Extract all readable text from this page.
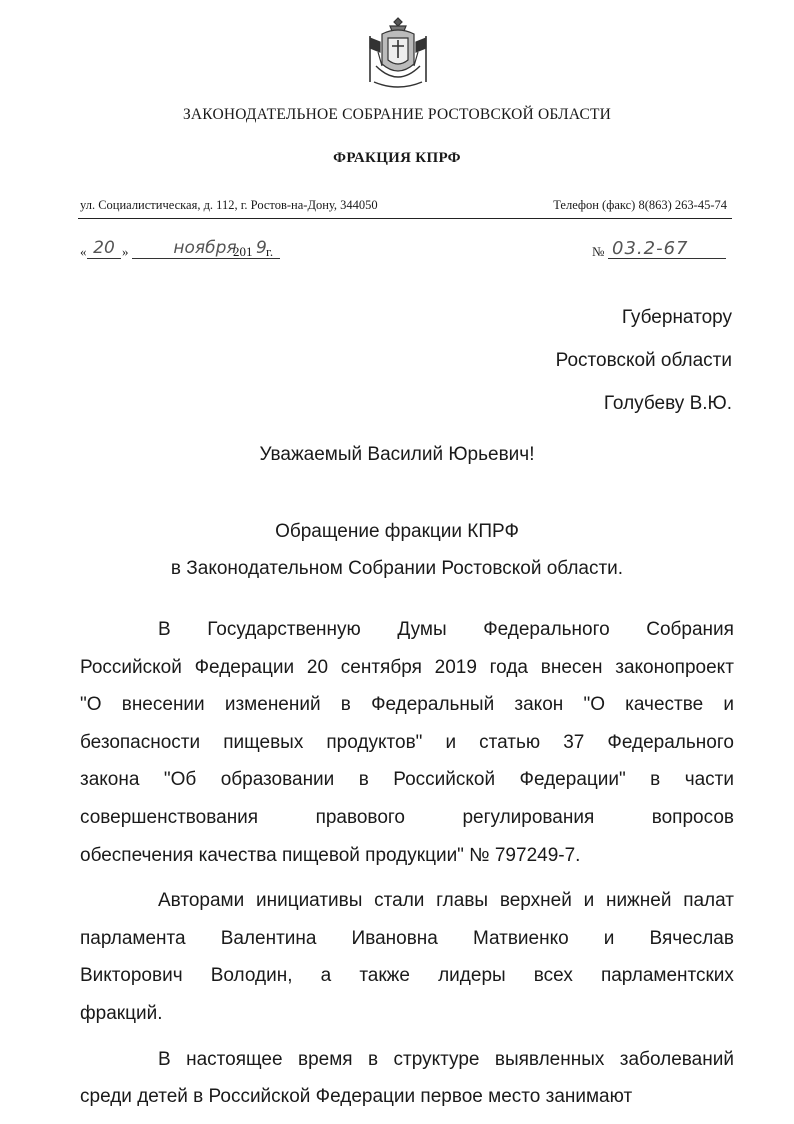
ЗАКОНОДАТЕЛЬНОЕ СОБРАНИЕ РОСТОВСКОЙ ОБЛАСТИ
ФРАКЦИЯ КПРФ
ул. Социалистическая, д. 112, г. Ростов-на-Дону, 344050	Телефон (факс) 8(863) 263-45-74
« 20 »	ноября
201 9 г.	№ 03.2-67
Губернатору
Ростовской области
Голубеву В.Ю.
Уважаемый Василий Юрьевич!
Обращение фракции КПРФ
в Законодательном Собрании Ростовской области.
В Государственную Думы Федерального Собрания
Российской Федерации 20 сентября 2019 года внесен законопроект
"О внесении изменений в Федеральный закон "О качестве и
безопасности пищевых продуктов" и статью 37 Федерального
закона "Об образовании в Российской Федерации" в части
совершенствования	правового	регулирования	вопросов
обеспечения качества пищевой продукции" № 797249-7.
Авторами инициативы стали главы верхней и нижней палат
парламента Валентина Ивановна Матвиенко и Вячеслав
Викторович Володин, а также лидеры всех парламентских
фракций.
В настоящее время в структуре выявленных заболеваний
среди детей в Российской Федерации первое место занимают
